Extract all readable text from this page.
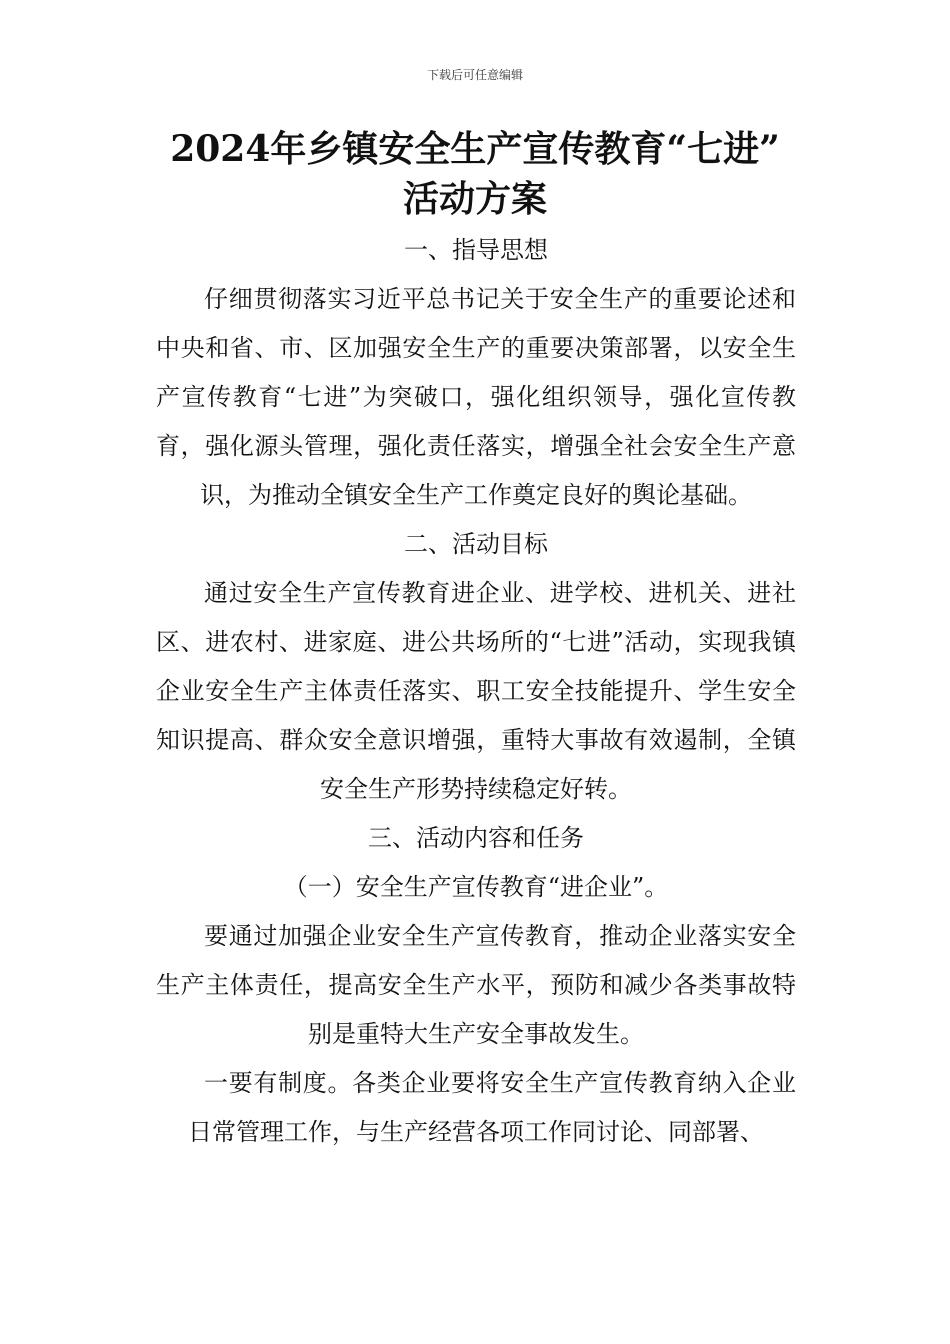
下载后可任意编辑
2024年乡镇安全生产宣传教育“七进”
活动方案
一、指导思想

仔细贯彻落实习近平总书记关于安全生产的重要论述和中央和省、市、区加强安全生产的重要决策部署，以安全生产宣传教育“七进”为突破口，强化组织领导，强化宣传教育，强化源头管理，强化责任落实，增强全社会安全生产意识，为推动全镇安全生产工作奠定良好的舆论基础。

二、活动目标

通过安全生产宣传教育进企业、进学校、进机关、进社区、进农村、进家庭、进公共场所的“七进”活动，实现我镇企业安全生产主体责任落实、职工安全技能提升、学生安全知识提高、群众安全意识增强，重特大事故有效遏制，全镇安全生产形势持续稳定好转。

三、活动内容和任务
（一）安全生产宣传教育“进企业”。

要通过加强企业安全生产宣传教育，推动企业落实安全生产主体责任，提高安全生产水平，预防和减少各类事故特别是重特大生产安全事故发生。

一要有制度。各类企业要将安全生产宣传教育纳入企业日常管理工作，与生产经营各项工作同讨论、同部署、
